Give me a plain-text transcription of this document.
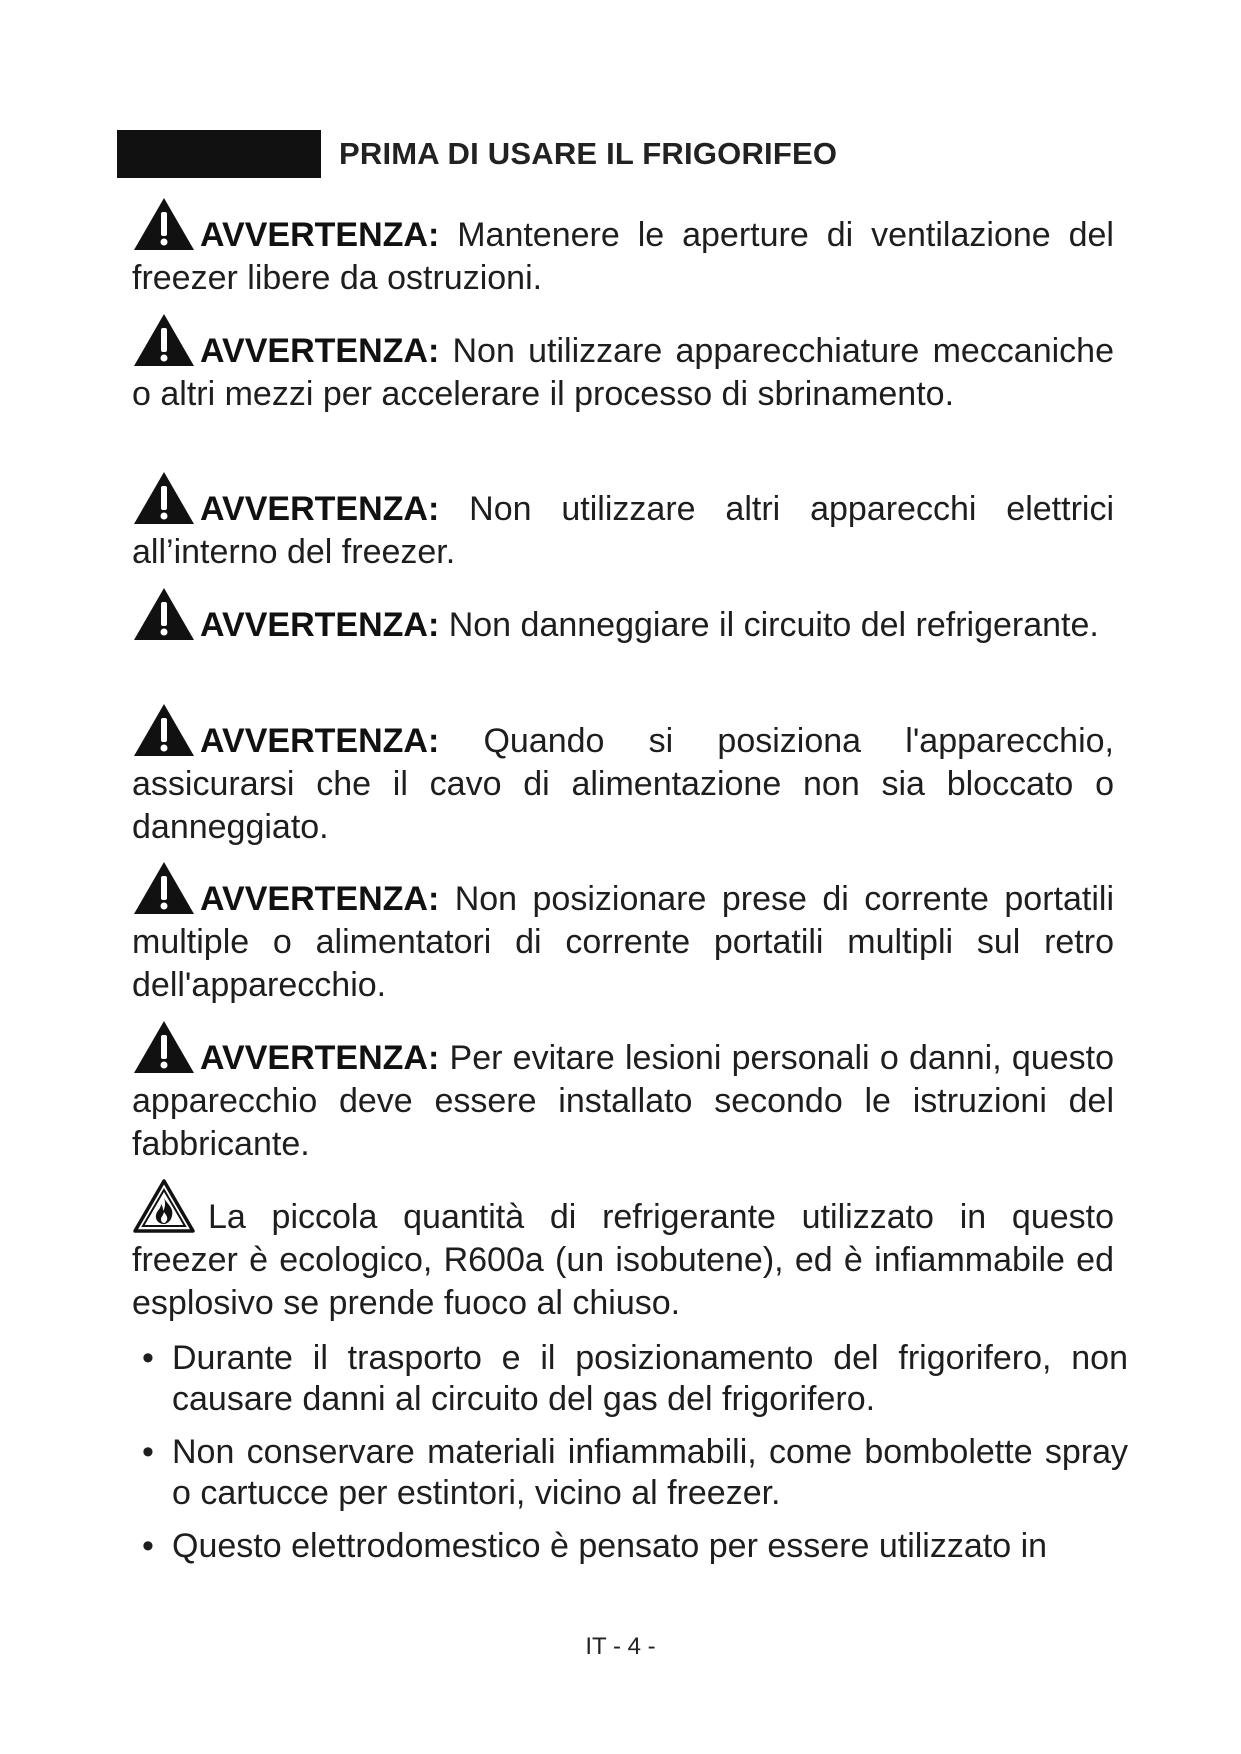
PRIMA DI USARE IL FRIGORIFEO
AVVERTENZA: Mantenere le aperture di ventilazione del freezer libere da ostruzioni.
AVVERTENZA: Non utilizzare apparecchiature meccaniche o altri mezzi per accelerare il processo di sbrinamento.
AVVERTENZA: Non utilizzare altri apparecchi elettrici all’interno del freezer.
AVVERTENZA: Non danneggiare il circuito del refrigerante.
AVVERTENZA: Quando si posiziona l'apparecchio, assicurarsi che il cavo di alimentazione non sia bloccato o danneggiato.
AVVERTENZA: Non posizionare prese di corrente portatili multiple o alimentatori di corrente portatili multipli sul retro dell'apparecchio.
AVVERTENZA: Per evitare lesioni personali o danni, questo apparecchio deve essere installato secondo le istruzioni del fabbricante.
La piccola quantità di refrigerante utilizzato in questo freezer è ecologico, R600a (un isobutene), ed è infiammabile ed esplosivo se prende fuoco al chiuso.
• Durante il trasporto e il posizionamento del frigorifero, non causare danni al circuito del gas del frigorifero.
• Non conservare materiali infiammabili, come bombolette spray o cartucce per estintori, vicino al freezer.
• Questo elettrodomestico è pensato per essere utilizzato in
IT - 4 -
